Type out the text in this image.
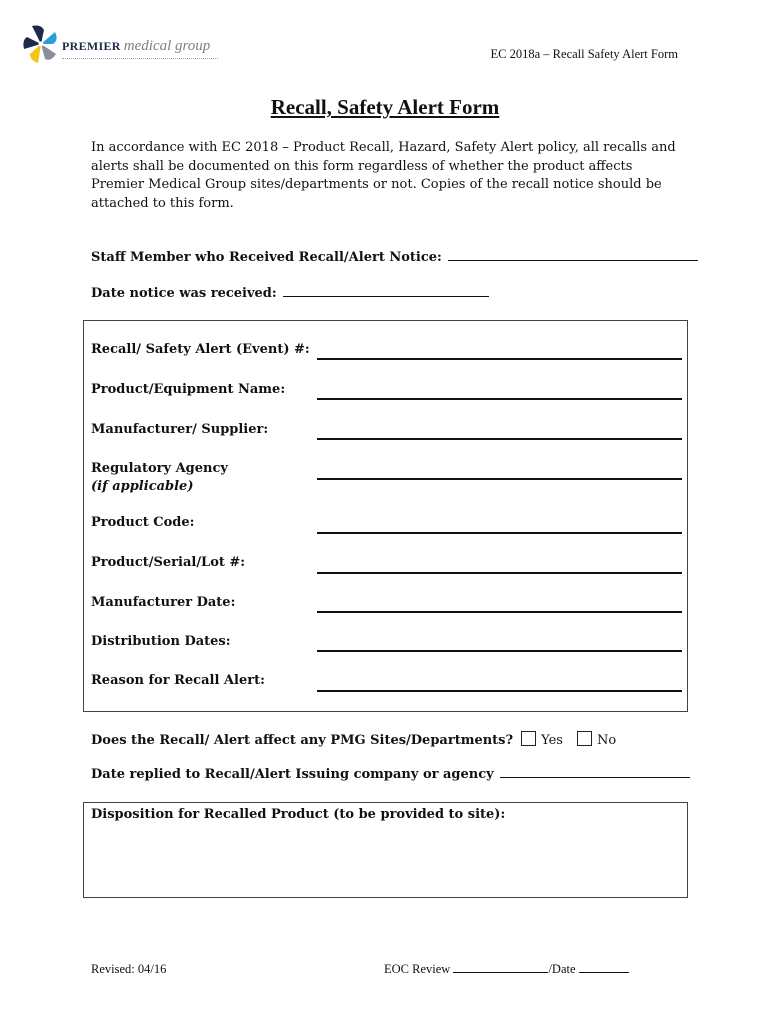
PREMIER medical group	EC 2018a – Recall Safety Alert Form
Recall, Safety Alert Form
In accordance with EC 2018 – Product Recall, Hazard, Safety Alert policy, all recalls and alerts shall be documented on this form regardless of whether the product affects Premier Medical Group sites/departments or not. Copies of the recall notice should be attached to this form.
Staff Member who Received Recall/Alert Notice:
Date notice was received:
Recall/ Safety Alert (Event) #:
Product/Equipment Name:
Manufacturer/ Supplier:
Regulatory Agency
(if applicable)
Product Code:
Product/Serial/Lot #:
Manufacturer Date:
Distribution Dates:
Reason for Recall Alert:
Does the Recall/ Alert affect any PMG Sites/Departments? Yes	No
Date replied to Recall/Alert Issuing company or agency
Disposition for Recalled Product (to be provided to site):
Revised: 04/16	EOC Review	/Date
